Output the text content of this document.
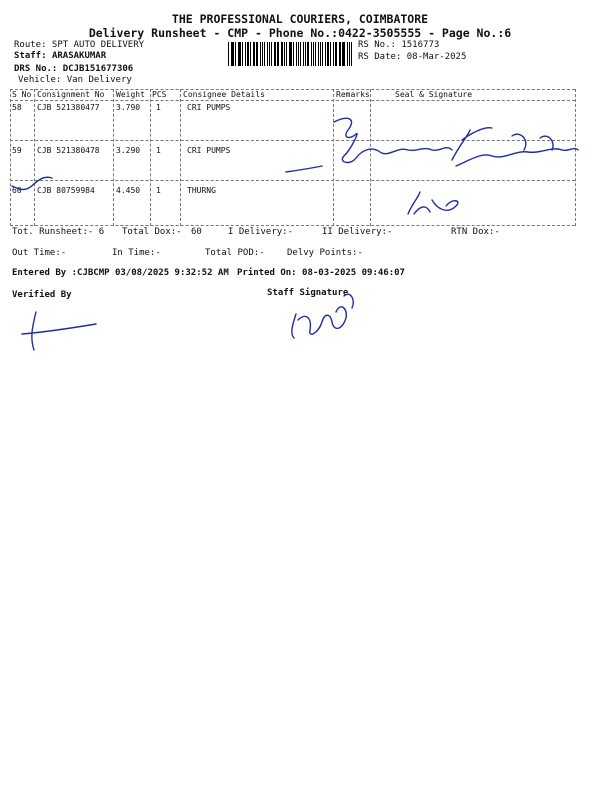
THE PROFESSIONAL COURIERS, COIMBATORE
Delivery Runsheet - CMP - Phone No.:0422-3505555 - Page No.:6
Route: SPT AUTO DELIVERY
Staff: ARASAKUMAR
DRS No.: DCJB151677306
Vehicle: Van Delivery
RS No.: 1516773
RS Date: 08-Mar-2025
S No Consignment No Weight PCS Consignee Details	Remarks	Seal & Signature
58 CJB 521380477 3.790 1	CRI PUMPS
59 CJB 521380478 3.290 1	CRI PUMPS
60 CJB 80759984	4.450 1	THURNG
Tot. Runsheet:- 6 Total Dox:- 60	I Delivery:-	II Delivery:-	RTN Dox:-
Out Time:-	In Time:-	Total POD:- Delvy Points:-
Entered By :CJBCMP 03/08/2025 9:32:52 AM Printed On: 08-03-2025 09:46:07
Verified By	Staff Signature
